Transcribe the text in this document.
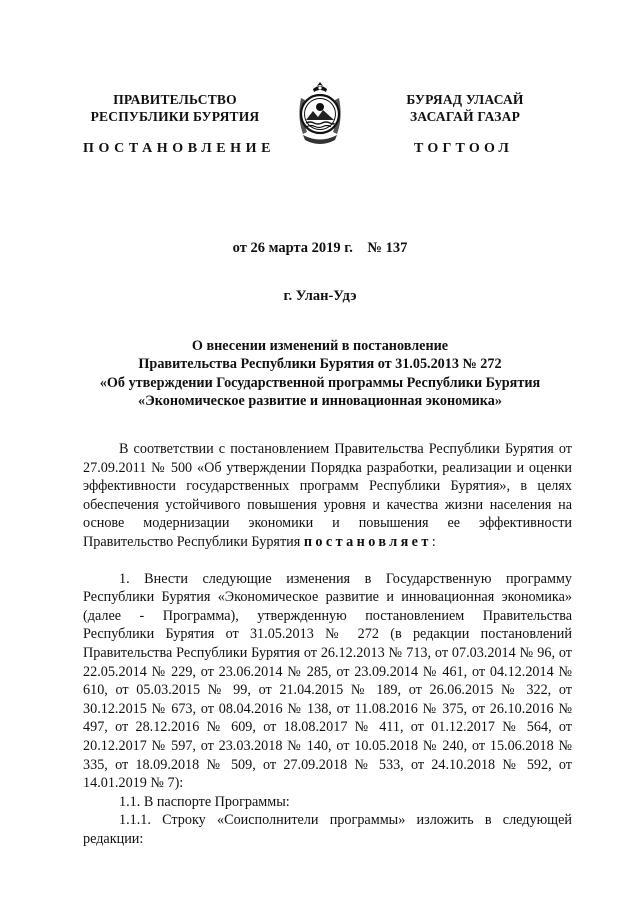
ПРАВИТЕЛЬСТВО
РЕСПУБЛИКИ БУРЯТИЯ
БУРЯАД УЛАСАЙ
ЗАСАГАЙ ГАЗАР
ПОСТАНОВЛЕНИЕ	ТОГТООЛ
от 26 марта 2019 г.    № 137
г. Улан-Удэ
О внесении изменений в постановление
Правительства Республики Бурятия от 31.05.2013 № 272
«Об утверждении Государственной программы Республики Бурятия
«Экономическое развитие и инновационная экономика»

В соответствии с постановлением Правительства Республики Бурятия от 27.09.2011 № 500 «Об утверждении Порядка разработки, реализации и оценки эффективности государственных программ Республики Бурятия», в целях обеспечения устойчивого повышения уровня и качества жизни населения на основе модернизации экономики и повышения ее эффективности Правительство Республики Бурятия постановляет:

1. Внести следующие изменения в Государственную программу Республики Бурятия «Экономическое развитие и инновационная экономика» (далее - Программа), утвержденную постановлением Правительства Республики Бурятия от 31.05.2013 № 272 (в редакции постановлений Правительства Республики Бурятия от 26.12.2013 № 713, от 07.03.2014 № 96, от 22.05.2014 № 229, от 23.06.2014 № 285, от 23.09.2014 № 461, от 04.12.2014 № 610, от 05.03.2015 № 99, от 21.04.2015 № 189, от 26.06.2015 № 322, от 30.12.2015 № 673, от 08.04.2016 № 138, от 11.08.2016 № 375, от 26.10.2016 № 497, от 28.12.2016 № 609, от 18.08.2017 № 411, от 01.12.2017 № 564, от 20.12.2017 № 597, от 23.03.2018 № 140, от 10.05.2018 № 240, от 15.06.2018 № 335, от 18.09.2018 № 509, от 27.09.2018 № 533, от 24.10.2018 № 592, от 14.01.2019 № 7):

1.1. В паспорте Программы:

1.1.1. Строку «Соисполнители программы» изложить в следующей редакции:
